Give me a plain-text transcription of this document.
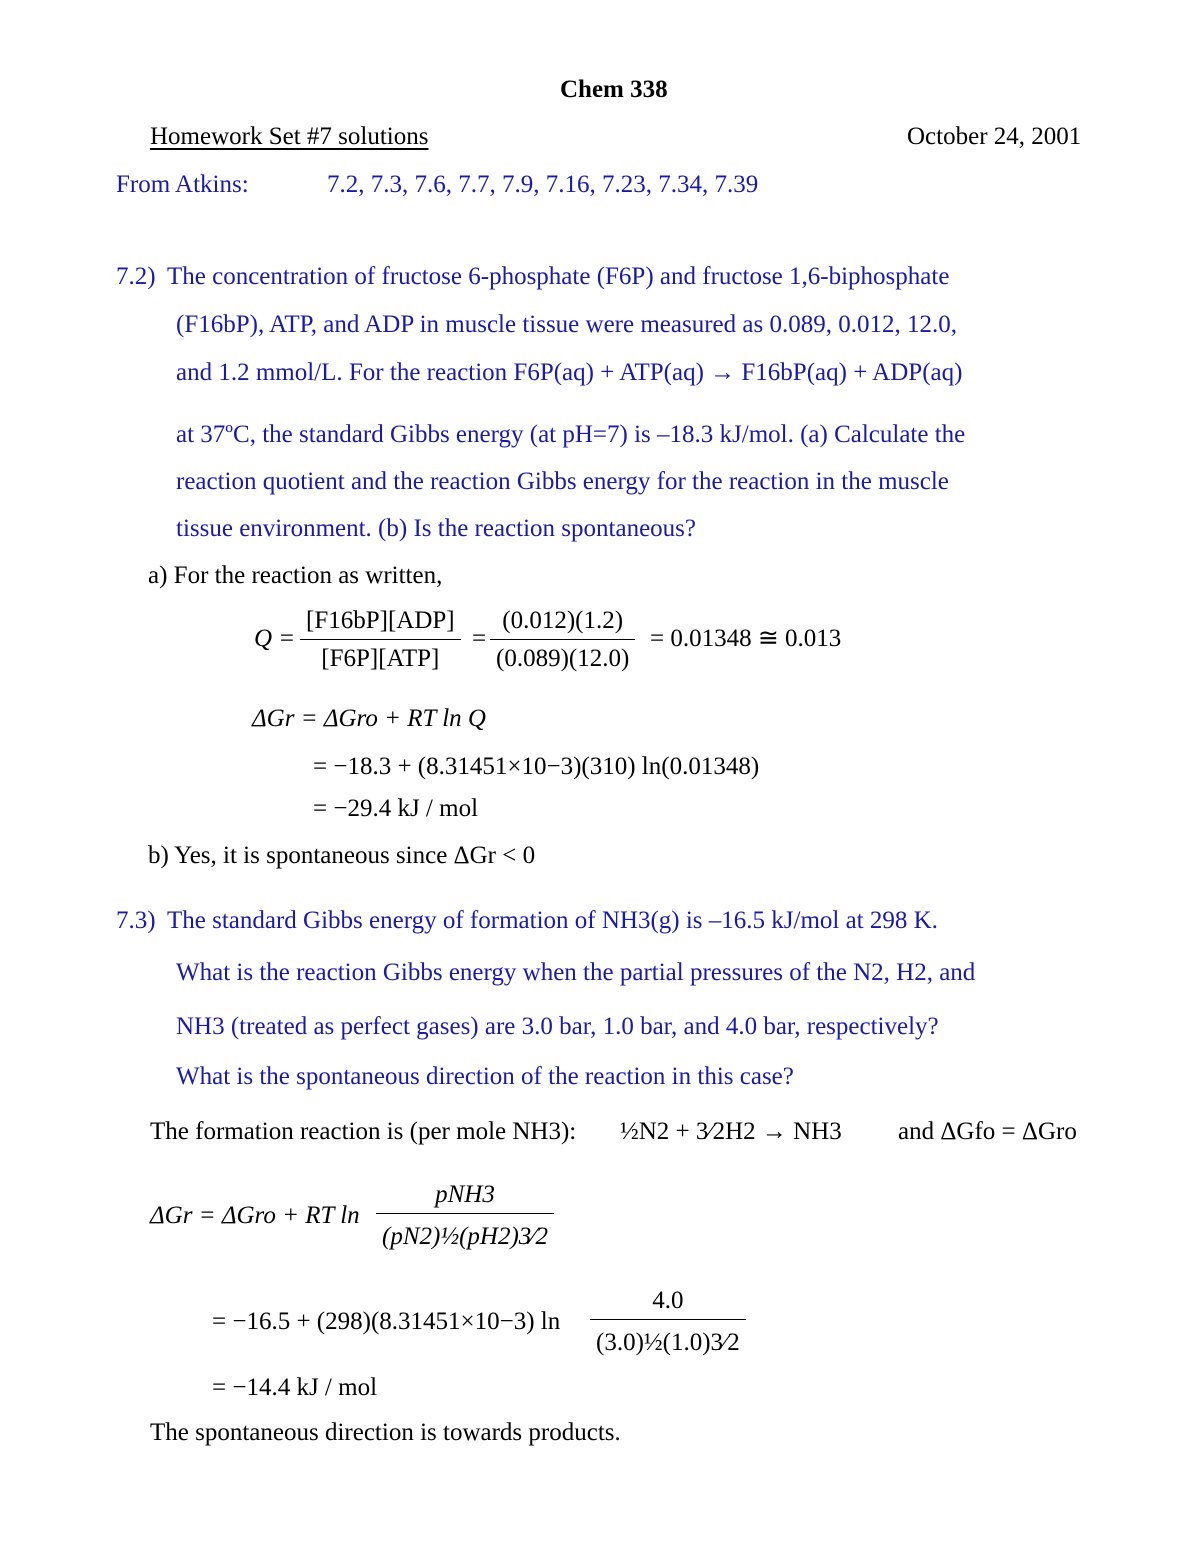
Chem 338
Homework Set #7 solutions	October 24, 2001
From Atkins:	7.2, 7.3, 7.6, 7.7, 7.9, 7.16, 7.23, 7.34, 7.39
7.2) The concentration of fructose 6-phosphate (F6P) and fructose 1,6-biphosphate
(F16bP), ATP, and ADP in muscle tissue were measured as 0.089, 0.012, 12.0,
and 1.2 mmol/L. For the reaction F6P(aq) + ATP(aq) → F16bP(aq) + ADP(aq)
at 37ºC, the standard Gibbs energy (at pH=7) is –18.3 kJ/mol. (a) Calculate the
reaction quotient and the reaction Gibbs energy for the reaction in the muscle
tissue environment. (b) Is the reaction spontaneous?
a) For the reaction as written,
Q =
[F16bP][ADP]
[F6P][ATP]
= $\frac{(0.012)(1.2)}{(0.089)(12.0)} = 0.01348$ ≅ 0.013
ΔGr = ΔGro + RT ln Q
= −18.3 + (8.31451×10−3)(310) ln(0.01348)
= −29.4 kJ / mol
b) Yes, it is spontaneous since ΔGr < 0
7.3) The standard Gibbs energy of formation of NH3(g) is –16.5 kJ/mol at 298 K.
What is the reaction Gibbs energy when the partial pressures of the N2, H2, and
NH3 (treated as perfect gases) are 3.0 bar, 1.0 bar, and 4.0 bar, respectively?
What is the spontaneous direction of the reaction in this case?
The formation reaction is (per mole NH3): ½N2 + 3⁄2H2 → NH3 and ΔGfo = ΔGro
ΔGr = ΔGro + RT ln
pNH3
(pN2)½(pH2)3⁄2
= −16.5 + (298)(8.31451×10−3) $\ln \frac{4.0}{\text{(3.0)½(1.0)3⁄2}}$
= −14.4 kJ / mol
The spontaneous direction is towards products.
